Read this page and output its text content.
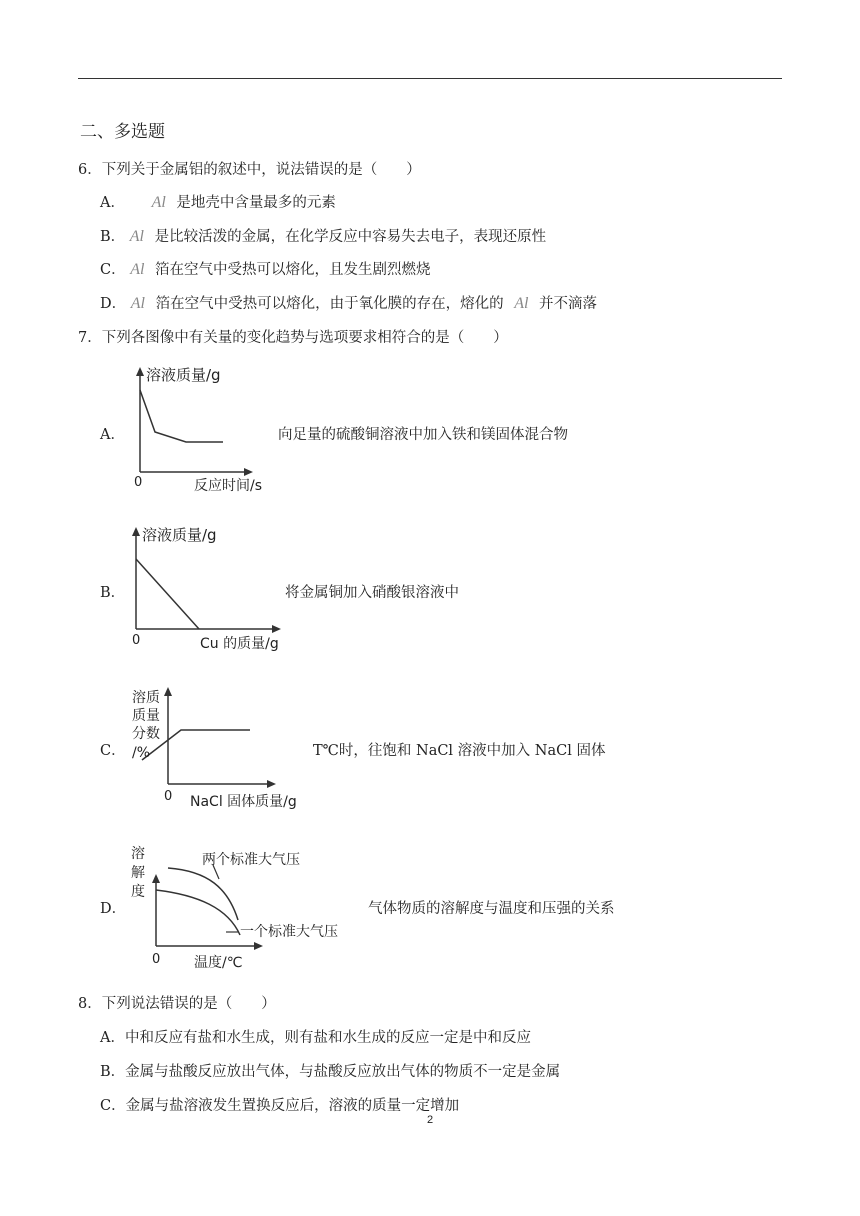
二、多选题
6．下列关于金属铝的叙述中，说法错误的是（　　）
A． Al 是地壳中含量最多的元素
B． Al 是比较活泼的金属，在化学反应中容易失去电子，表现还原性
C． Al 箔在空气中受热可以熔化，且发生剧烈燃烧
D． Al 箔在空气中受热可以熔化，由于氧化膜的存在，熔化的 Al 并不滴落
7．下列各图像中有关量的变化趋势与选项要求相符合的是（　　）
A．
溶液质量/g
0	反应时间/s
向足量的硫酸铜溶液中加入铁和镁固体混合物
B．
溶液质量/g
0	Cu 的质量/g
将金属铜加入硝酸银溶液中
C．
溶质
质量
分数
/%
0 NaCl 固体质量/g
T℃时，往饱和 NaCl 溶液中加入 NaCl 固体
D．
溶
解
度
两个标准大气压
一个标准大气压
0 温度/℃
气体物质的溶解度与温度和压强的关系
8．下列说法错误的是（　　）
A．中和反应有盐和水生成，则有盐和水生成的反应一定是中和反应
B．金属与盐酸反应放出气体，与盐酸反应放出气体的物质不一定是金属
C．金属与盐溶液发生置换反应后，溶液的质量一定增加
2
